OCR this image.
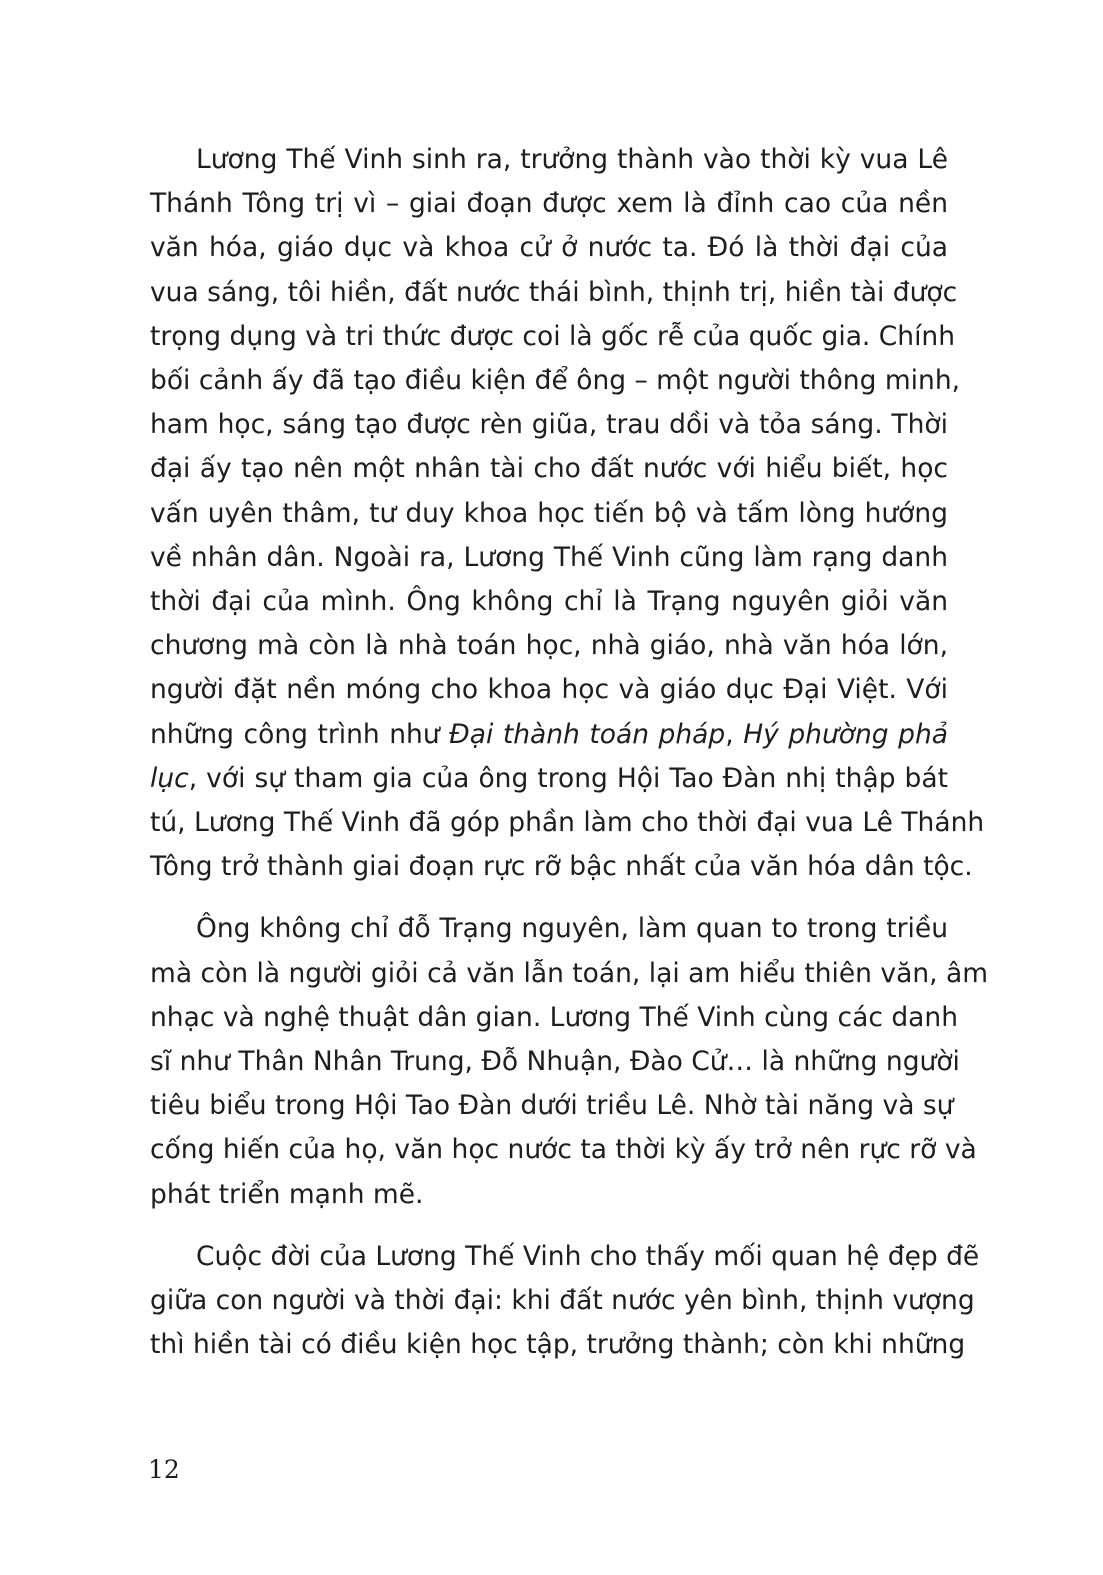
Lương Thế Vinh sinh ra, trưởng thành vào thời kỳ vua Lê
Thánh Tông trị vì – giai đoạn được xem là đỉnh cao của nền
văn hóa, giáo dục và khoa cử ở nước ta. Đó là thời đại của
vua sáng, tôi hiền, đất nước thái bình, thịnh trị, hiền tài được
trọng dụng và tri thức được coi là gốc rễ của quốc gia. Chính
bối cảnh ấy đã tạo điều kiện để ông – một người thông minh,
ham học, sáng tạo được rèn giũa, trau dồi và tỏa sáng. Thời
đại ấy tạo nên một nhân tài cho đất nước với hiểu biết, học
vấn uyên thâm, tư duy khoa học tiến bộ và tấm lòng hướng
về nhân dân. Ngoài ra, Lương Thế Vinh cũng làm rạng danh
thời đại của mình. Ông không chỉ là Trạng nguyên giỏi văn
chương mà còn là nhà toán học, nhà giáo, nhà văn hóa lớn,
người đặt nền móng cho khoa học và giáo dục Đại Việt. Với
những công trình như Đại thành toán pháp, Hý phường phả
lục, với sự tham gia của ông trong Hội Tao Đàn nhị thập bát
tú, Lương Thế Vinh đã góp phần làm cho thời đại vua Lê Thánh
Tông trở thành giai đoạn rực rỡ bậc nhất của văn hóa dân tộc.

Ông không chỉ đỗ Trạng nguyên, làm quan to trong triều
mà còn là người giỏi cả văn lẫn toán, lại am hiểu thiên văn, âm
nhạc và nghệ thuật dân gian. Lương Thế Vinh cùng các danh
sĩ như Thân Nhân Trung, Đỗ Nhuận, Đào Cử… là những người
tiêu biểu trong Hội Tao Đàn dưới triều Lê. Nhờ tài năng và sự
cống hiến của họ, văn học nước ta thời kỳ ấy trở nên rực rỡ và
phát triển mạnh mẽ.

Cuộc đời của Lương Thế Vinh cho thấy mối quan hệ đẹp đẽ
giữa con người và thời đại: khi đất nước yên bình, thịnh vượng
thì hiền tài có điều kiện học tập, trưởng thành; còn khi những

12
